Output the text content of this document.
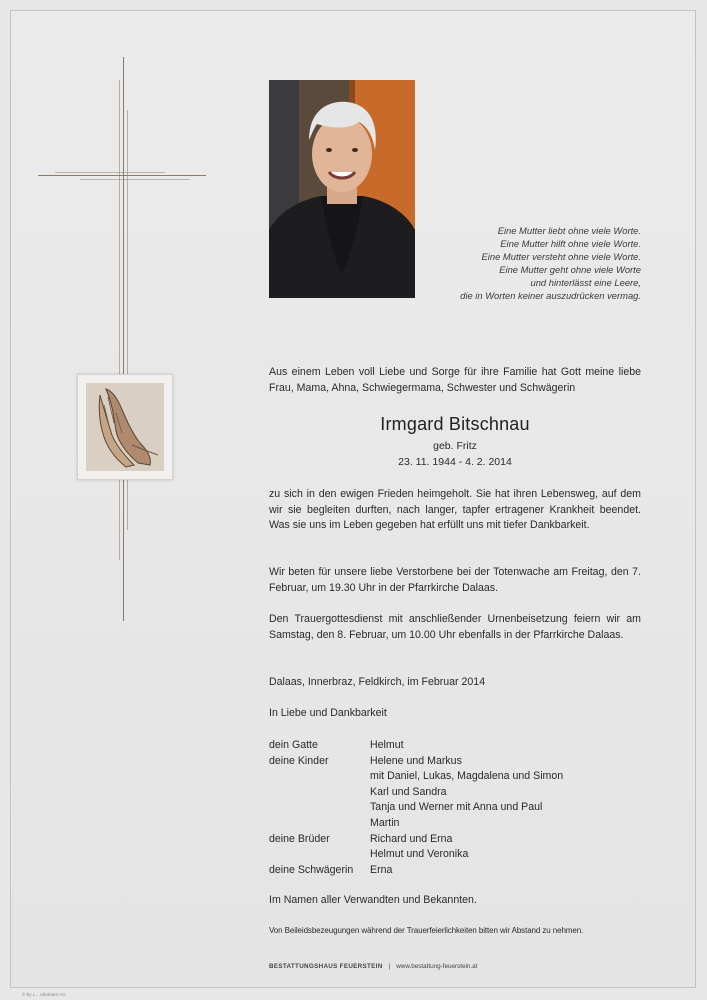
Eine Mutter liebt ohne viele Worte.
Eine Mutter hilft ohne viele Worte.
Eine Mutter versteht ohne viele Worte.
Eine Mutter geht ohne viele Worte
und hinterlässt eine Leere,
die in Worten keiner auszudrücken vermag.

Aus einem Leben voll Liebe und Sorge für ihre Familie hat Gott meine liebe Frau, Mama, Ahna, Schwiegermama, Schwester und Schwägerin

Irmgard Bitschnau
geb. Fritz
23. 11. 1944 - 4. 2. 2014

zu sich in den ewigen Frieden heimgeholt. Sie hat ihren Lebensweg, auf dem wir sie begleiten durften, nach langer, tapfer ertragener Krankheit beendet. Was sie uns im Leben gegeben hat erfüllt uns mit tiefer Dankbarkeit.

Wir beten für unsere liebe Verstorbene bei der Totenwache am Freitag, den 7. Februar, um 19.30 Uhr in der Pfarrkirche Dalaas.

Den Trauergottesdienst mit anschließender Urnenbeisetzung feiern wir am Samstag, den 8. Februar, um 10.00 Uhr ebenfalls in der Pfarrkirche Dalaas.

Dalaas, Innerbraz, Feldkirch, im Februar 2014

In Liebe und Dankbarkeit

dein Gatte	Helmut
deine Kinder	Helene und Markus
mit Daniel, Lukas, Magdalena und Simon
Karl und Sandra
Tanja und Werner mit Anna und Paul
Martin
deine Brüder	Richard und Erna
Helmut und Veronika
deine Schwägerin	Erna

Im Namen aller Verwandten und Bekannten.

Von Beileidsbezeugungen während der Trauerfeierlichkeiten bitten wir Abstand zu nehmen.

BESTATTUNGSHAUS FEUERSTEIN | www.bestattung-feuerstein.at
© by L... Abraham AG
